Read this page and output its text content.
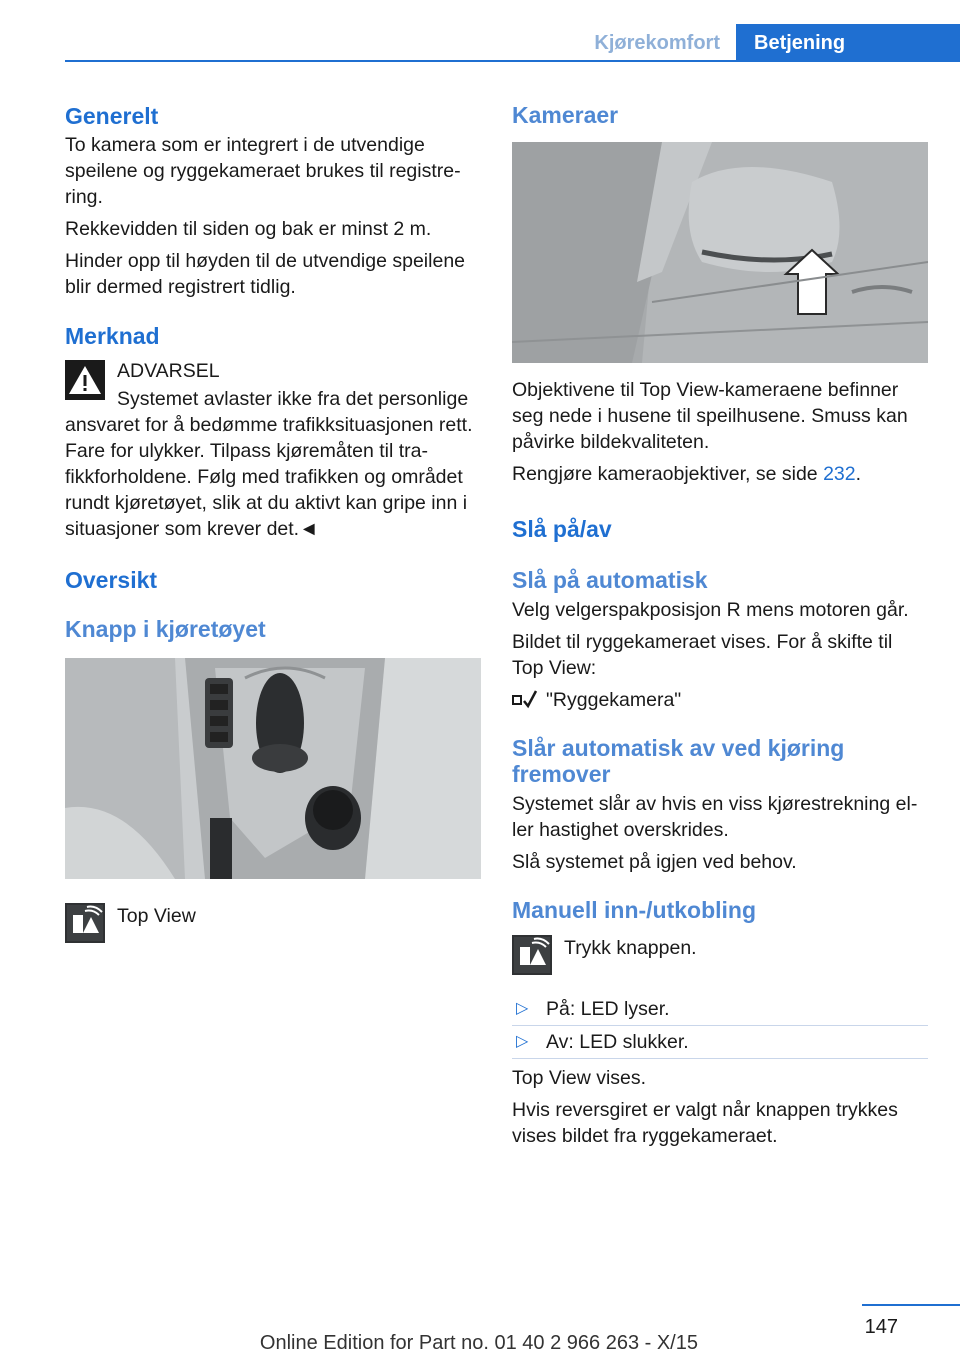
Kjørekomfort	Betjening
Generelt

To kamera som er integrert i de utvendige speilene og ryggekameraet brukes til registrering.

Rekkevidden til siden og bak er minst 2 m.

Hinder opp til høyden til de utvendige speilene blir dermed registrert tidlig.

Merknad
ADVARSEL

Systemet avlaster ikke fra det personlige ansvaret for å bedømme trafikksituasjonen rett. Fare for ulykker. Tilpass kjøremåten til trafikkforholdene. Følg med trafikken og området rundt kjøretøyet, slik at du aktivt kan gripe inn i situasjoner som krever det.◄

Oversikt
Knapp i kjøretøyet
Top View
Kameraer

Objektivene til Top View-kameraene befinner seg nede i husene til speilhusene. Smuss kan påvirke bildekvaliteten.

Rengjøre kameraobjektiver, se side 232.

Slå på/av
Slå på automatisk

Velg velgerspakposisjon R mens motoren går.

Bildet til ryggekameraet vises. For å skifte til Top View:

"Ryggekamera"
Slår automatisk av ved kjøring fremover

Systemet slår av hvis en viss kjørestrekning eller hastighet overskrides.

Slå systemet på igjen ved behov.

Manuell inn-/utkobling
Trykk knappen.
▷ På: LED lyser.
▷ Av: LED slukker.

Top View vises.

Hvis reversgiret er valgt når knappen trykkes vises bildet fra ryggekameraet.

147
Online Edition for Part no. 01 40 2 966 263 - X/15
